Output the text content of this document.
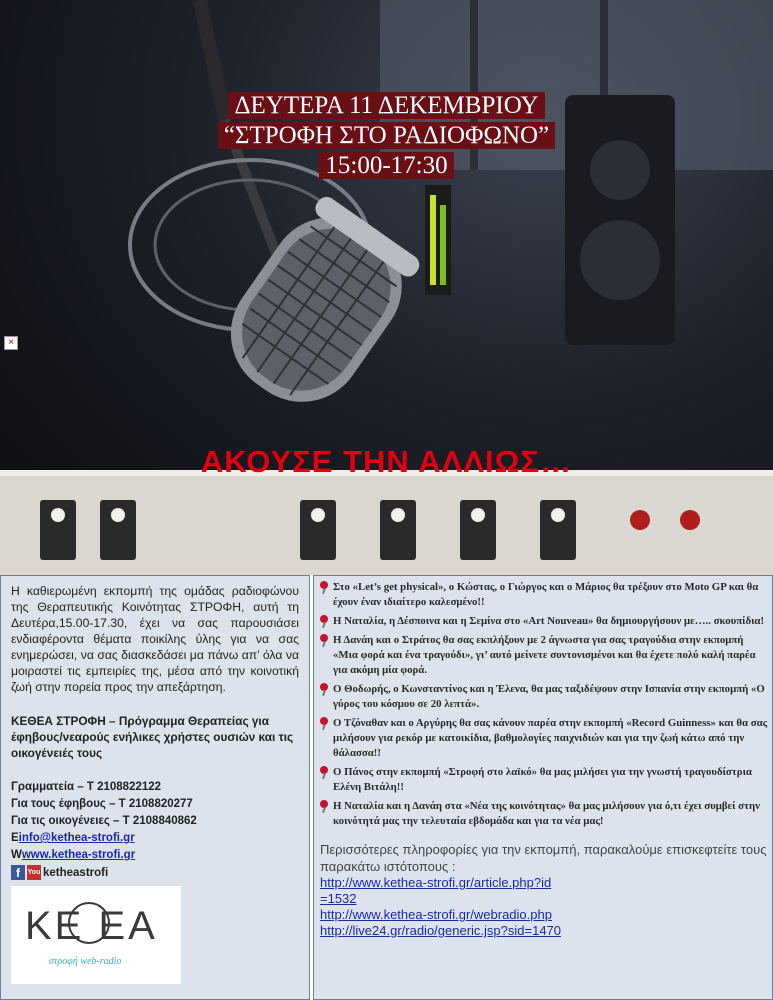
ΔΕΥΤΕΡΑ 11 ΔΕΚΕΜΒΡΙΟΥ
“ΣΤΡΟΦΗ ΣΤΟ ΡΑΔΙΟΦΩΝΟ”
15:00-17:30
×
ΑΚΟΥΣΕ ΤΗΝ ΑΛΛΙΩΣ…

Η καθιερωμένη εκπομπή της ομάδας ραδιοφώνου της Θεραπευτικής Κοινότητας ΣΤΡΟΦΗ, αυτή τη Δευτέρα,15.00-17.30, έχει να σας παρουσιάσει ενδιαφέροντα θέματα ποικίλης ύλης για να σας ενημερώσει, να σας διασκεδάσει μα πάνω απ’ όλα να μοιραστεί τις εμπειρίες της, μέσα από την κοινοτική ζωή στην πορεία προς την απεξάρτηση.

ΚΕΘΕΑ ΣΤΡΟΦΗ – Πρόγραμμα Θεραπείας για έφηβους/νεαρούς ενήλικες χρήστες ουσιών και τις οικογένειές τους
Γραμματεία – Τ 2108822122
Για τους έφηβους – Τ 2108820277
Για τις οικογένειες – Τ 2108840862
Einfo@kethea-strofi.gr
Wwww.kethea-strofi.gr
f	You ketheastrofi
ΚΕ ΕΑ
στροφή web-radio
Στο «Let’s get physical», ο Κώστας, ο Γιώργος και ο Μάριος θα τρέξουν στο Moto GP και θα έχουν έναν ιδιαίτερο καλεσμένο!!
Η Ναταλία, η Δέσποινα και η Σεμίνα στο «Art Nouveau» θα δημιουργήσουν με….. σκουπίδια!
Η Δανάη και ο Στράτος θα σας εκπλήξουν με 2 άγνωστα για σας τραγούδια στην εκπομπή «Μια φορά και ένα τραγούδι», γι’ αυτό μείνετε συντονισμένοι και θα έχετε πολύ καλή παρέα για ακόμη μία φορά.
Ο Θοδωρής, ο Κωνσταντίνος και η Έλενα, θα μας ταξιδέψουν στην Ισπανία στην εκπομπή «Ο γύρος του κόσμου σε 20 λεπτά».
Ο Τζόναθαν και ο Αργύρης θα σας κάνουν παρέα στην εκπομπή «Record Guinness» και θα σας μιλήσουν για ρεκόρ με κατοικίδια, βαθμολογίες παιχνιδιών και για την ζωή κάτω από την θάλασσα!!
Ο Πάνος στην εκπομπή «Στροφή στο λαϊκό» θα μας μιλήσει για την γνωστή τραγουδίστρια Ελένη Βιτάλη!!
Η Ναταλία και η Δανάη στα «Νέα της κοινότητας» θα μας μιλήσουν για ό,τι έχει συμβεί στην κοινότητά μας την τελευταία εβδομάδα και για τα νέα μας!
Περισσότερες πληροφορίες για την εκπομπή, παρακαλούμε επισκεφτείτε τους παρακάτω ιστότοπους :
http://www.kethea-strofi.gr/article.php?id
=1532
http://www.kethea-strofi.gr/webradio.php
http://live24.gr/radio/generic.jsp?sid=1470
